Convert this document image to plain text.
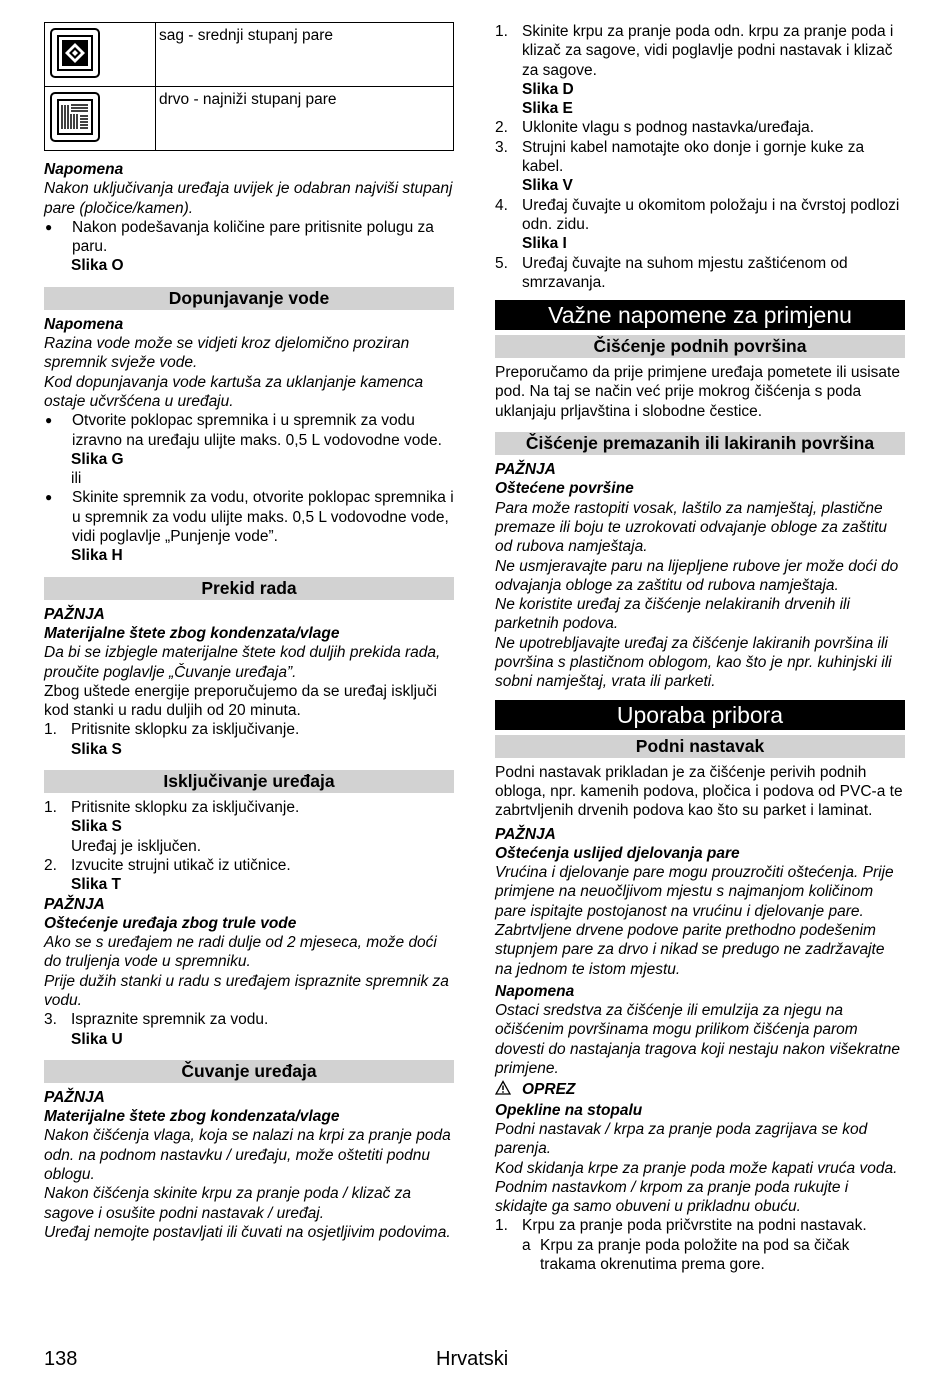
	sag - srednji stupanj pare

	drvo - najniži stupanj pare

Napomena

Nakon uključivanja uređaja uvijek je odabran najviši stupanj pare (pločice/kamen).

●	Nakon podešavanja količine pare pritisnite polugu za paru.

Slika O

Dopunjavanje vode

Napomena

Razina vode može se vidjeti kroz djelomično proziran spremnik svježe vode.

Kod dopunjavanja vode kartuša za uklanjanje kamenca ostaje učvršćena u uređaju.

●	Otvorite poklopac spremnika i u spremnik za vodu izravno na uređaju ulijte maks. 0,5 L vodovodne vode.

Slika G

ili

●	Skinite spremnik za vodu, otvorite poklopac spremnika i u spremnik za vodu ulijte maks. 0,5 L vodovodne vode, vidi poglavlje „Punjenje vode”.

Slika H

Prekid rada

PAŽNJA

Materijalne štete zbog kondenzata/vlage

Da bi se izbjegle materijalne štete kod duljih prekida rada, proučite poglavlje „Čuvanje uređaja”.

Zbog uštede energije preporučujemo da se uređaj isključi kod stanki u radu duljih od 20 minuta.

1. Pritisnite sklopku za isključivanje.

Slika S

Isključivanje uređaja
1. Pritisnite sklopku za isključivanje.

Slika S

Uređaj je isključen.

2. Izvucite strujni utikač iz utičnice.

Slika T

PAŽNJA

Oštećenje uređaja zbog trule vode

Ako se s uređajem ne radi dulje od 2 mjeseca, može doći do truljenja vode u spremniku.

Prije dužih stanki u radu s uređajem ispraznite spremnik za vodu.

3. Ispraznite spremnik za vodu.

Slika U

Čuvanje uređaja

PAŽNJA

Materijalne štete zbog kondenzata/vlage

Nakon čišćenja vlaga, koja se nalazi na krpi za pranje poda odn. na podnom nastavku / uređaju, može oštetiti podnu oblogu.

Nakon čišćenja skinite krpu za pranje poda / klizač za sagove i osušite podni nastavak / uređaj.

Uređaj nemojte postavljati ili čuvati na osjetljivim podovima.

1. Skinite krpu za pranje poda odn. krpu za pranje poda i klizač za sagove, vidi poglavlje podni nastavak i klizač za sagove.

Slika D

Slika E

2. Uklonite vlagu s podnog nastavka/uređaja.
3. Strujni kabel namotajte oko donje i gornje kuke za kabel.

Slika V

4. Uređaj čuvajte u okomitom položaju i na čvrstoj podlozi odn. zidu.

Slika I

5. Uređaj čuvajte na suhom mjestu zaštićenom od smrzavanja.
Važne napomene za primjenu
Čišćenje podnih površina

Preporučamo da prije primjene uređaja pometete ili usisate pod. Na taj se način već prije mokrog čišćenja s poda uklanjaju prljavština i slobodne čestice.

Čišćenje premazanih ili lakiranih površina

PAŽNJA

Oštećene površine

Para može rastopiti vosak, laštilo za namještaj, plastične premaze ili boju te uzrokovati odvajanje obloge za zaštitu od rubova namještaja.

Ne usmjeravajte paru na lijepljene rubove jer može doći do odvajanja obloge za zaštitu od rubova namještaja.

Ne koristite uređaj za čišćenje nelakiranih drvenih ili parketnih podova.

Ne upotrebljavajte uređaj za čišćenje lakiranih površina ili površina s plastičnom oblogom, kao što je npr. kuhinjski ili sobni namještaj, vrata ili parketi.

Uporaba pribora
Podni nastavak

Podni nastavak prikladan je za čišćenje perivih podnih obloga, npr. kamenih podova, pločica i podova od PVC-a te zabrtvljenih drvenih podova kao što su parket i laminat.

PAŽNJA

Oštećenja uslijed djelovanja pare

Vrućina i djelovanje pare mogu prouzročiti oštećenja. Prije primjene na neuočljivom mjestu s najmanjom količinom pare ispitajte postojanost na vrućinu i djelovanje pare.

Zabrtvljene drvene podove parite prethodno podešenim stupnjem pare za drvo i nikad se predugo ne zadržavajte na jednom te istom mjestu.

Napomena

Ostaci sredstva za čišćenje ili emulzija za njegu na očišćenim površinama mogu prilikom čišćenja parom dovesti do nastajanja tragova koji nestaju nakon višekratne primjene.

OPREZ

Opekline na stopalu

Podni nastavak / krpa za pranje poda zagrijava se kod parenja.

Kod skidanja krpe za pranje poda može kapati vruća voda.

Podnim nastavkom / krpom za pranje poda rukujte i skidajte ga samo obuveni u prikladnu obuću.

1. Krpu za pranje poda pričvrstite na podni nastavak.
a Krpu za pranje poda položite na pod sa čičak trakama okrenutima prema gore.
138	Hrvatski
